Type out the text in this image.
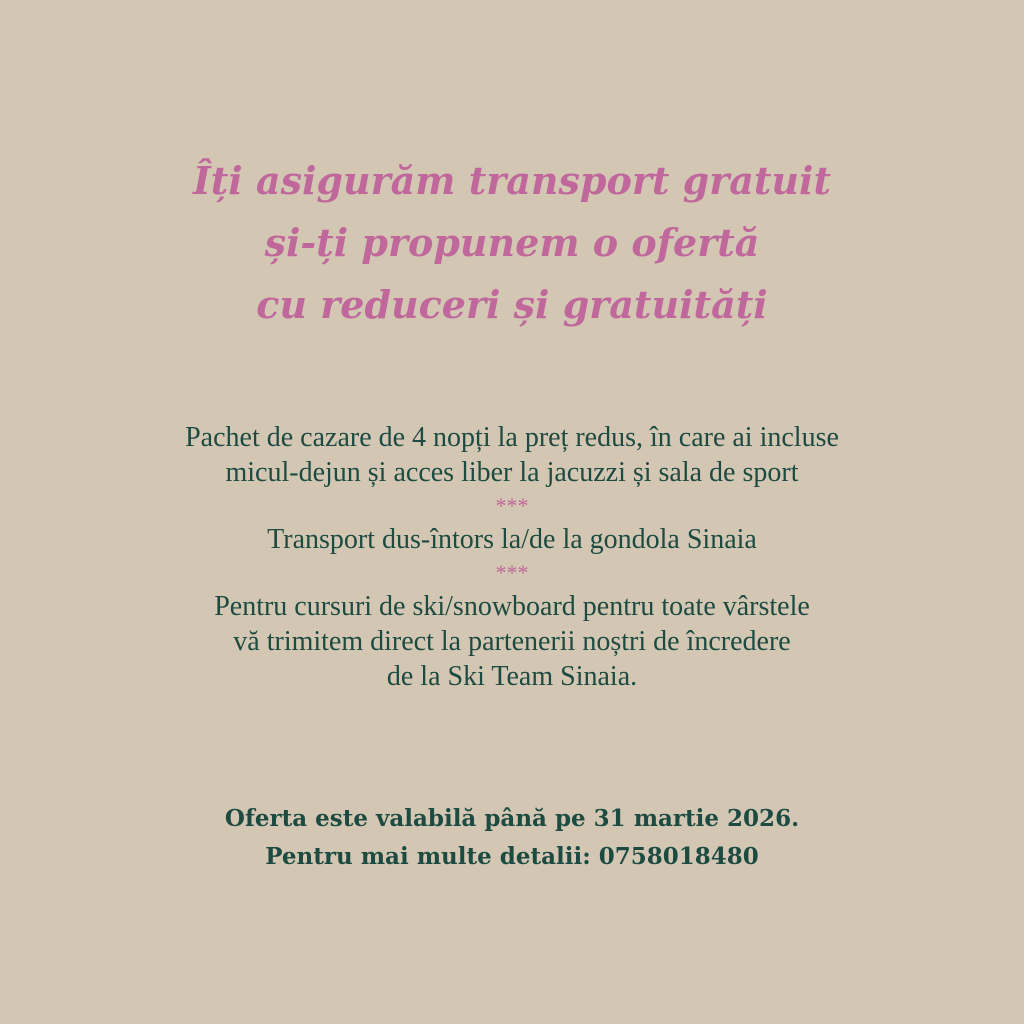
Îți asigurăm transport gratuit
și-ți propunem o ofertă
cu reduceri și gratuități
Pachet de cazare de 4 nopți la preț redus, în care ai incluse
micul-dejun și acces liber la jacuzzi și sala de sport
***
Transport dus-întors la/de la gondola Sinaia
***
Pentru cursuri de ski/snowboard pentru toate vârstele
vă trimitem direct la partenerii noștri de încredere
de la Ski Team Sinaia.
Oferta este valabilă până pe 31 martie 2026.
Pentru mai multe detalii: 0758018480
